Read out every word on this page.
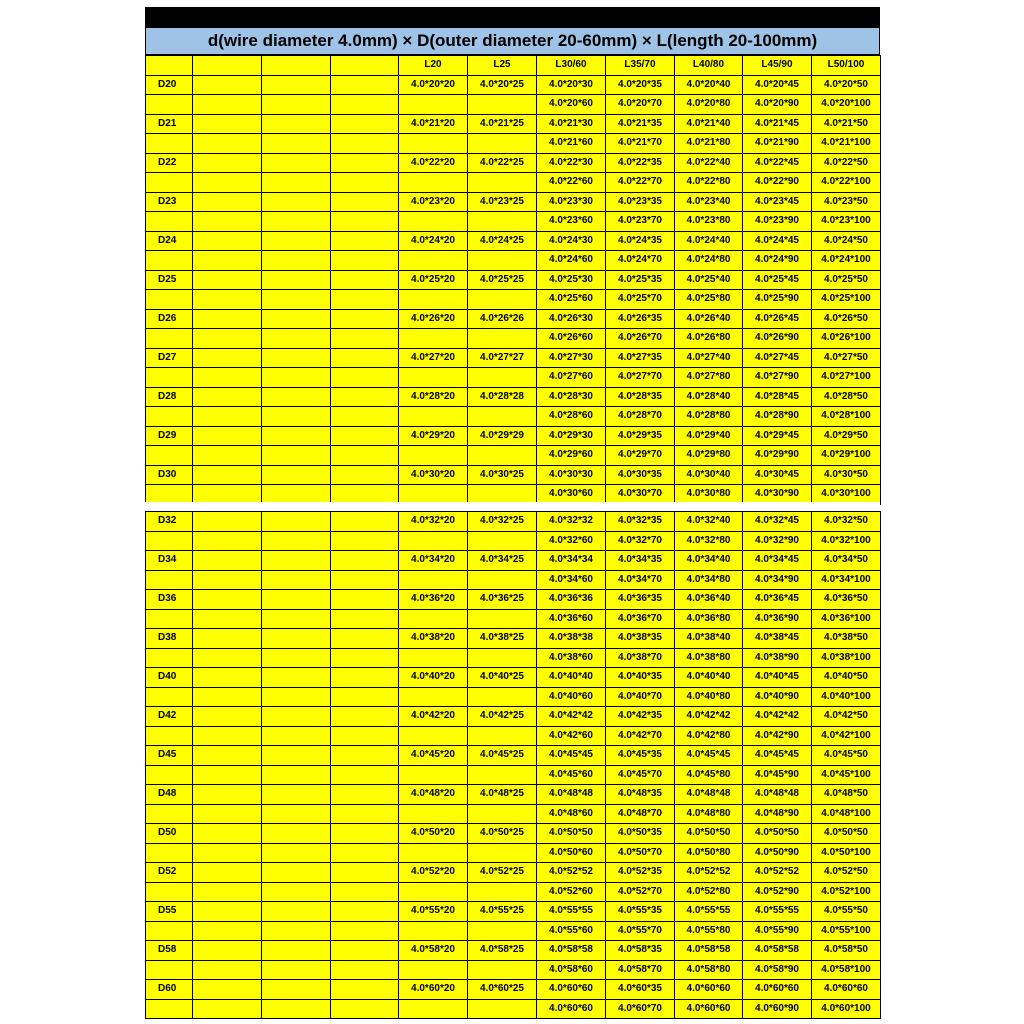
d(wire diameter 4.0mm) × D(outer diameter 20-60mm) × L(length 20-100mm)
				L20	L25	L30/60	L35/70	L40/80	L45/90	L50/100
D20				4.0*20*20	4.0*20*25	4.0*20*30	4.0*20*35	4.0*20*40	4.0*20*45	4.0*20*50
						4.0*20*60	4.0*20*70	4.0*20*80	4.0*20*90	4.0*20*100
D21				4.0*21*20	4.0*21*25	4.0*21*30	4.0*21*35	4.0*21*40	4.0*21*45	4.0*21*50
						4.0*21*60	4.0*21*70	4.0*21*80	4.0*21*90	4.0*21*100
D22				4.0*22*20	4.0*22*25	4.0*22*30	4.0*22*35	4.0*22*40	4.0*22*45	4.0*22*50
						4.0*22*60	4.0*22*70	4.0*22*80	4.0*22*90	4.0*22*100
D23				4.0*23*20	4.0*23*25	4.0*23*30	4.0*23*35	4.0*23*40	4.0*23*45	4.0*23*50
						4.0*23*60	4.0*23*70	4.0*23*80	4.0*23*90	4.0*23*100
D24				4.0*24*20	4.0*24*25	4.0*24*30	4.0*24*35	4.0*24*40	4.0*24*45	4.0*24*50
						4.0*24*60	4.0*24*70	4.0*24*80	4.0*24*90	4.0*24*100
D25				4.0*25*20	4.0*25*25	4.0*25*30	4.0*25*35	4.0*25*40	4.0*25*45	4.0*25*50
						4.0*25*60	4.0*25*70	4.0*25*80	4.0*25*90	4.0*25*100
D26				4.0*26*20	4.0*26*26	4.0*26*30	4.0*26*35	4.0*26*40	4.0*26*45	4.0*26*50
						4.0*26*60	4.0*26*70	4.0*26*80	4.0*26*90	4.0*26*100
D27				4.0*27*20	4.0*27*27	4.0*27*30	4.0*27*35	4.0*27*40	4.0*27*45	4.0*27*50
						4.0*27*60	4.0*27*70	4.0*27*80	4.0*27*90	4.0*27*100
D28				4.0*28*20	4.0*28*28	4.0*28*30	4.0*28*35	4.0*28*40	4.0*28*45	4.0*28*50
						4.0*28*60	4.0*28*70	4.0*28*80	4.0*28*90	4.0*28*100
D29				4.0*29*20	4.0*29*29	4.0*29*30	4.0*29*35	4.0*29*40	4.0*29*45	4.0*29*50
						4.0*29*60	4.0*29*70	4.0*29*80	4.0*29*90	4.0*29*100
D30				4.0*30*20	4.0*30*25	4.0*30*30	4.0*30*35	4.0*30*40	4.0*30*45	4.0*30*50
						4.0*30*60	4.0*30*70	4.0*30*80	4.0*30*90	4.0*30*100
D32				4.0*32*20	4.0*32*25	4.0*32*32	4.0*32*35	4.0*32*40	4.0*32*45	4.0*32*50
						4.0*32*60	4.0*32*70	4.0*32*80	4.0*32*90	4.0*32*100
D34				4.0*34*20	4.0*34*25	4.0*34*34	4.0*34*35	4.0*34*40	4.0*34*45	4.0*34*50
						4.0*34*60	4.0*34*70	4.0*34*80	4.0*34*90	4.0*34*100
D36				4.0*36*20	4.0*36*25	4.0*36*36	4.0*36*35	4.0*36*40	4.0*36*45	4.0*36*50
						4.0*36*60	4.0*36*70	4.0*36*80	4.0*36*90	4.0*36*100
D38				4.0*38*20	4.0*38*25	4.0*38*38	4.0*38*35	4.0*38*40	4.0*38*45	4.0*38*50
						4.0*38*60	4.0*38*70	4.0*38*80	4.0*38*90	4.0*38*100
D40				4.0*40*20	4.0*40*25	4.0*40*40	4.0*40*35	4.0*40*40	4.0*40*45	4.0*40*50
						4.0*40*60	4.0*40*70	4.0*40*80	4.0*40*90	4.0*40*100
D42				4.0*42*20	4.0*42*25	4.0*42*42	4.0*42*35	4.0*42*42	4.0*42*42	4.0*42*50
						4.0*42*60	4.0*42*70	4.0*42*80	4.0*42*90	4.0*42*100
D45				4.0*45*20	4.0*45*25	4.0*45*45	4.0*45*35	4.0*45*45	4.0*45*45	4.0*45*50
						4.0*45*60	4.0*45*70	4.0*45*80	4.0*45*90	4.0*45*100
D48				4.0*48*20	4.0*48*25	4.0*48*48	4.0*48*35	4.0*48*48	4.0*48*48	4.0*48*50
						4.0*48*60	4.0*48*70	4.0*48*80	4.0*48*90	4.0*48*100
D50				4.0*50*20	4.0*50*25	4.0*50*50	4.0*50*35	4.0*50*50	4.0*50*50	4.0*50*50
						4.0*50*60	4.0*50*70	4.0*50*80	4.0*50*90	4.0*50*100
D52				4.0*52*20	4.0*52*25	4.0*52*52	4.0*52*35	4.0*52*52	4.0*52*52	4.0*52*50
						4.0*52*60	4.0*52*70	4.0*52*80	4.0*52*90	4.0*52*100
D55				4.0*55*20	4.0*55*25	4.0*55*55	4.0*55*35	4.0*55*55	4.0*55*55	4.0*55*50
						4.0*55*60	4.0*55*70	4.0*55*80	4.0*55*90	4.0*55*100
D58				4.0*58*20	4.0*58*25	4.0*58*58	4.0*58*35	4.0*58*58	4.0*58*58	4.0*58*50
						4.0*58*60	4.0*58*70	4.0*58*80	4.0*58*90	4.0*58*100
D60				4.0*60*20	4.0*60*25	4.0*60*60	4.0*60*35	4.0*60*60	4.0*60*60	4.0*60*60
						4.0*60*60	4.0*60*70	4.0*60*60	4.0*60*90	4.0*60*100
